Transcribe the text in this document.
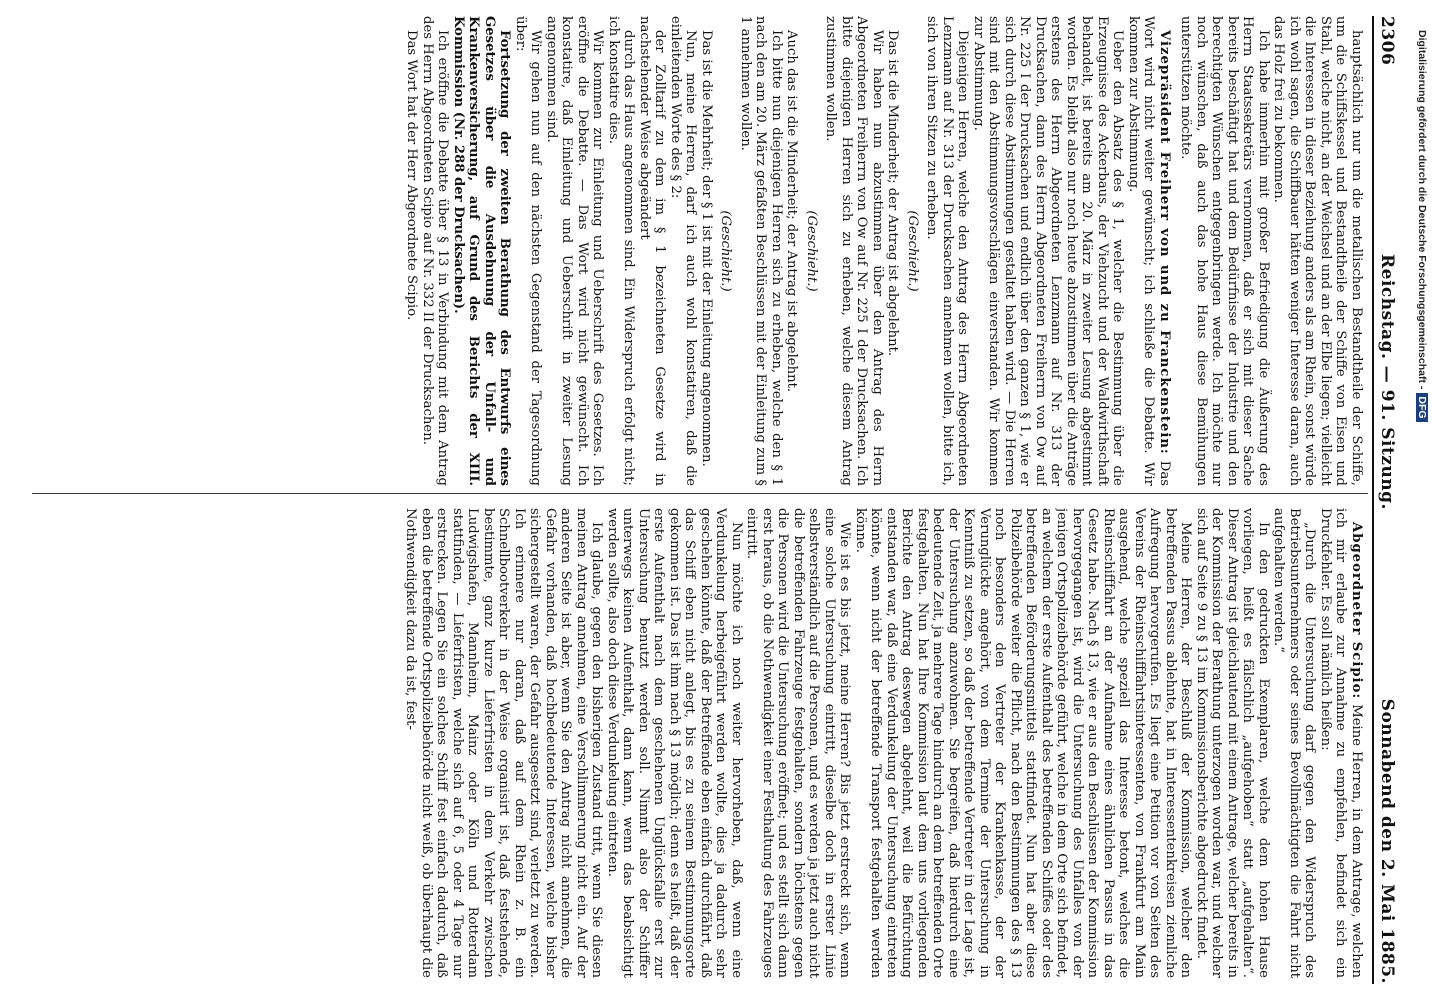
2306
Reichstag. — 91. Sitzung.
Sonnabend den 2. Mai 1885.

hauptsächlich nur um die metallischen Bestandtheile der Schiffe, um die Schiffskessel und Bestandtheile der Schiffe von Eisen und Stahl, welche nicht, an der Weichsel und an der Elbe liegen; vielleicht die Interessen in dieser Beziehung anders als am Rhein, sonst würde ich wohl sagen, die Schiffbauer hätten weniger Interesse daran, auch das Holz frei zu bekommen.

Ich habe immerhin mit großer Befriedigung die Äußerung des Herrn Staatssekretärs vernommen, daß er sich mit dieser Sache bereits beschäftigt hat und dem Bedürfnisse der Industrie und den berechtigten Wünschen entgegenbringen werde. Ich möchte nur noch wünschen, daß auch das hohe Haus diese Bemühungen unterstützen möchte.

Vizepräsident Freiherr von und zu Franckenstein: Das Wort wird nicht weiter gewünscht; ich schließe die Debatte. Wir kommen zur Abstimmung.

Ueber den Absatz des § 1, welcher die Bestimmung über die Erzeugnisse des Ackerbaus, der Viehzucht und der Waldwirthschaft behandelt, ist bereits am 20. März in zweiter Lesung abgestimmt worden. Es bleibt also nur noch heute abzustimmen über die Anträge erstens des Herrn Abgeordneten Lenzmann auf Nr. 313 der Drucksachen, dann des Herrn Abgeordneten Freiherrn von Ow auf Nr. 225 I der Drucksachen und endlich über den ganzen § 1, wie er sich durch diese Abstimmungen gestaltet haben wird. — Die Herren sind mit den Abstimmungsvorschlägen einverstanden. Wir kommen zur Abstimmung.

Diejenigen Herren, welche den Antrag des Herrn Abgeordneten Lenzmann auf Nr. 313 der Drucksachen annehmen wollen, bitte ich, sich von ihren Sitzen zu erheben.

(Geschieht.)

Das ist die Minderheit; der Antrag ist abgelehnt.

Wir haben nun abzustimmen über den Antrag des Herrn Abgeordneten Freiherrn von Ow auf Nr. 225 I der Drucksachen. Ich bitte diejenigen Herren sich zu erheben, welche diesem Antrag zustimmen wollen.

(Geschieht.)

Auch das ist die Minderheit; der Antrag ist abgelehnt.

Ich bitte nun diejenigen Herren sich zu erheben, welche den § 1 nach den am 20. März gefaßten Beschlüssen mit der Einleitung zum § 1 annehmen wollen.

(Geschieht.)

Das ist die Mehrheit; der § 1 ist mit der Einleitung angenommen.

Nun, meine Herren, darf ich auch wohl konstatiren, daß die einleitenden Worte des § 2:

der Zolltarif zu dem im § 1 bezeichneten Gesetze wird in nachstehender Weise abgeändert

durch das Haus angenommen sind. Ein Widerspruch erfolgt nicht; ich konstatire dies.

Wir kommen zur Einleitung und Ueberschrift des Gesetzes. Ich eröffne die Debatte. — Das Wort wird nicht gewünscht. Ich konstatire, daß Einleitung und Ueberschrift in zweiter Lesung angenommen sind.

Wir gehen nun auf den nächsten Gegenstand der Tagesordnung über:

Fortsetzung der zweiten Berathung des Entwurfs eines Gesetzes über die Ausdehnung der Unfall- und Krankenversicherung, auf Grund des Berichts der XIII. Kommission (Nr. 288 der Drucksachen).

Ich eröffne die Debatte über § 13 in Verbindung mit dem Antrag des Herrn Abgeordneten Scipio auf Nr. 332 II der Drucksachen.

Das Wort hat der Herr Abgeordnete Scipio.

Abgeordneter Scipio: Meine Herren, in dem Antrage, welchen ich mir erlaube zur Annahme zu empfehlen, befindet sich ein Druckfehler. Es soll nämlich heißen:

„Durch die Untersuchung darf gegen den Widerspruch des Betriebsunternehmers oder seines Bevollmächtigten die Fahrt nicht aufgehalten werden.“

In den gedruckten Exemplaren, welche dem hohen Hause vorliegen, heißt es fälschlich „aufgehoben“ statt „aufgehalten“. Dieser Antrag ist gleichlautend mit einem Antrage, welcher bereits in der Kommission der Berathung unterzogen worden war, und welcher sich auf Seite 9 zu § 13 im Kommissionsberichte abgedruckt findet.

Meine Herren, der Beschluß der Kommission, welcher den betreffenden Passus ablehnte, hat in Interessentenkreisen ziemliche Aufregung hervorgerufen. Es liegt eine Petition vor von Seiten des Vereins der Rheinschifffahrtsinteressenten, von Frankfurt am Main ausgehend, welche speziell das Interesse betont, welches die Rheinschifffahrt an der Aufnahme eines ähnlichen Passus in das Gesetz habe. Nach § 13, wie er aus den Beschlüssen der Kommission hervorgegangen ist, wird die Untersuchung des Unfalles von der jenigen Ortspolizeibehörde geführt, welche in dem Orte sich befindet, an welchem der erste Aufenthalt des betreffenden Schiffes oder des betreffenden Beförderungsmittels stattfindet. Nun hat aber diese Polizeibehörde weiter die Pflicht, nach den Bestimmungen des § 13 noch besonders den Vertreter der Krankenkasse, der der Verunglückte angehört, von dem Termine der Untersuchung in Kenntniß zu setzen, so daß der betreffende Vertreter in der Lage ist, der Untersuchung anzuwohnen. Sie begreifen, daß hierdurch eine bedeutende Zeit, ja mehrere Tage hindurch an dem betreffenden Orte festgehalten. Nun hat Ihre Kommission laut dem uns vorliegenden Berichte den Antrag deswegen abgelehnt, weil die Befürchtung entstanden war, daß eine Verdunkelung der Untersuchung eintreten könnte, wenn nicht der betreffende Transport festgehalten werden könne.

Wie ist es bis jetzt, meine Herren? Bis jetzt erstreckt sich, wenn eine solche Untersuchung eintritt, dieselbe doch in erster Linie selbstverständlich auf die Personen, und es werden ja jetzt auch nicht die betreffenden Fahrzeuge festgehalten, sondern höchstens gegen die Personen wird die Untersuchung eröffnet; und es stellt sich dann erst heraus, ob die Nothwendigkeit einer Festhaltung des Fahrzeuges eintritt.

Nun möchte ich noch weiter hervorheben, daß, wenn eine Verdunkelung herbeigeführt werden wollte, dies ja dadurch sehr geschehen könnte, daß der Betreffende eben einfach durchfährt, daß das Schiff eben nicht anlegt, bis es zu seinem Bestimmungsorte gekommen ist. Das ist ihm nach § 13 möglich; denn es heißt, daß der erste Aufenthalt nach dem geschehenen Unglücksfalle erst zur Untersuchung benutzt werden soll. Nimmt also der Schiffer unterwegs keinen Aufenthalt, dann kann, wenn das beabsichtigt werden sollte, also doch diese Verdunkelung eintreten.

Ich glaube, gegen den bisherigen Zustand tritt, wenn Sie diesen meinen Antrag annehmen, eine Verschlimmerung nicht ein. Auf der anderen Seite ist aber, wenn Sie den Antrag nicht annehmen, die Gefahr vorhanden, daß hochbedeutende Interessen, welche bisher sichergestellt waren, der Gefahr ausgesetzt sind, verletzt zu werden. Ich erinnere nur daran, daß auf dem Rhein z. B. ein Schnellbootverkehr in der Weise organisirt ist, daß feststehende, bestimmte, ganz kurze Lieferfristen in dem Verkehr zwischen Ludwigshafen, Mannheim, Mainz oder Köln und Rotterdam stattfinden, — Lieferfristen, welche sich auf 6, 5 oder 4 Tage nur erstrecken. Legen Sie ein solches Schiff fest einfach dadurch, daß eben die betreffende Ortspolizeibehörde nicht weiß, ob überhaupt die Nothwendigkeit dazu da ist, fest-

Digitalisierung gefördert durch die Deutsche Forschungsgemeinschaft -DFG
